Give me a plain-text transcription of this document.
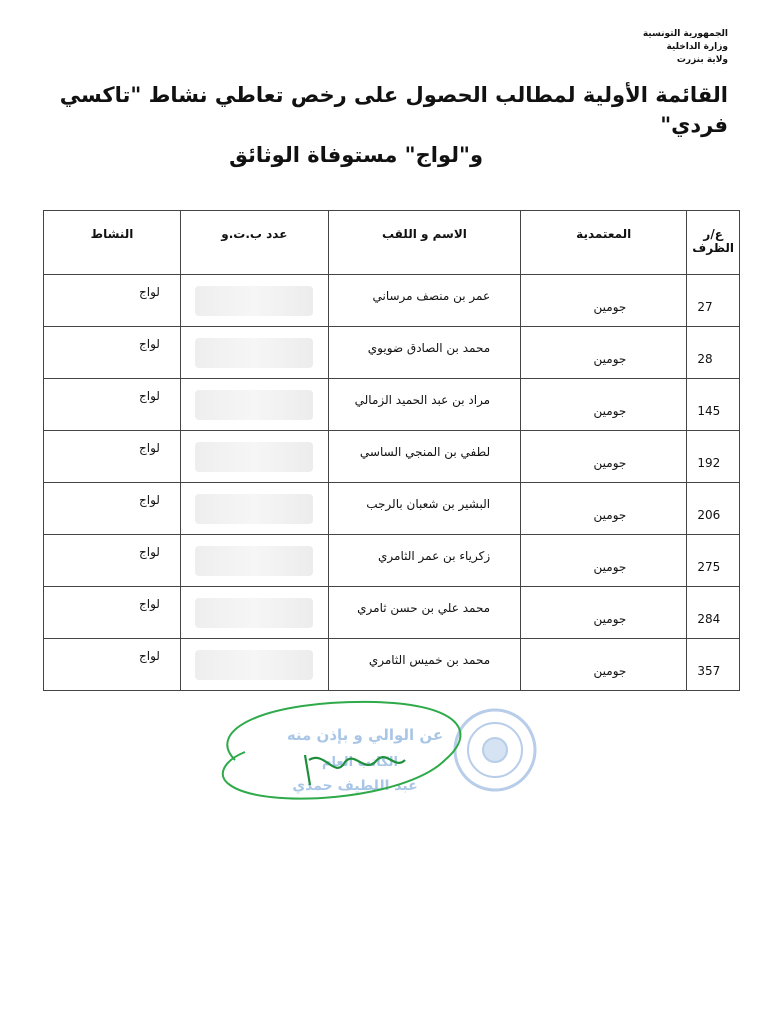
الجمهورية التونسية
وزارة الداخلية
ولاية بنزرت
القائمة الأولية لمطالب الحصول على رخص تعاطي نشاط "تاكسي فردي"
و"لواج" مستوفاة الوثائق
ع/ر الظرف	المعتمدية	الاسم و اللقب	عدد ب.ت.و	النشاط
27	جومين	عمر بن منصف مرساني		لواج
28	جومين	محمد بن الصادق ضويوي		لواج
145	جومين	مراد بن عبد الحميد الزمالي		لواج
192	جومين	لطفي بن المنجي الساسي		لواج
206	جومين	البشير بن شعبان بالرجب		لواج
275	جومين	زكرياء بن عمر الثامري		لواج
284	جومين	محمد علي بن حسن ثامري		لواج
357	جومين	محمد بن خميس الثامري		لواج
عن الوالي و بإذن منه
الكاتب العام
عبد اللطيف حمدي
